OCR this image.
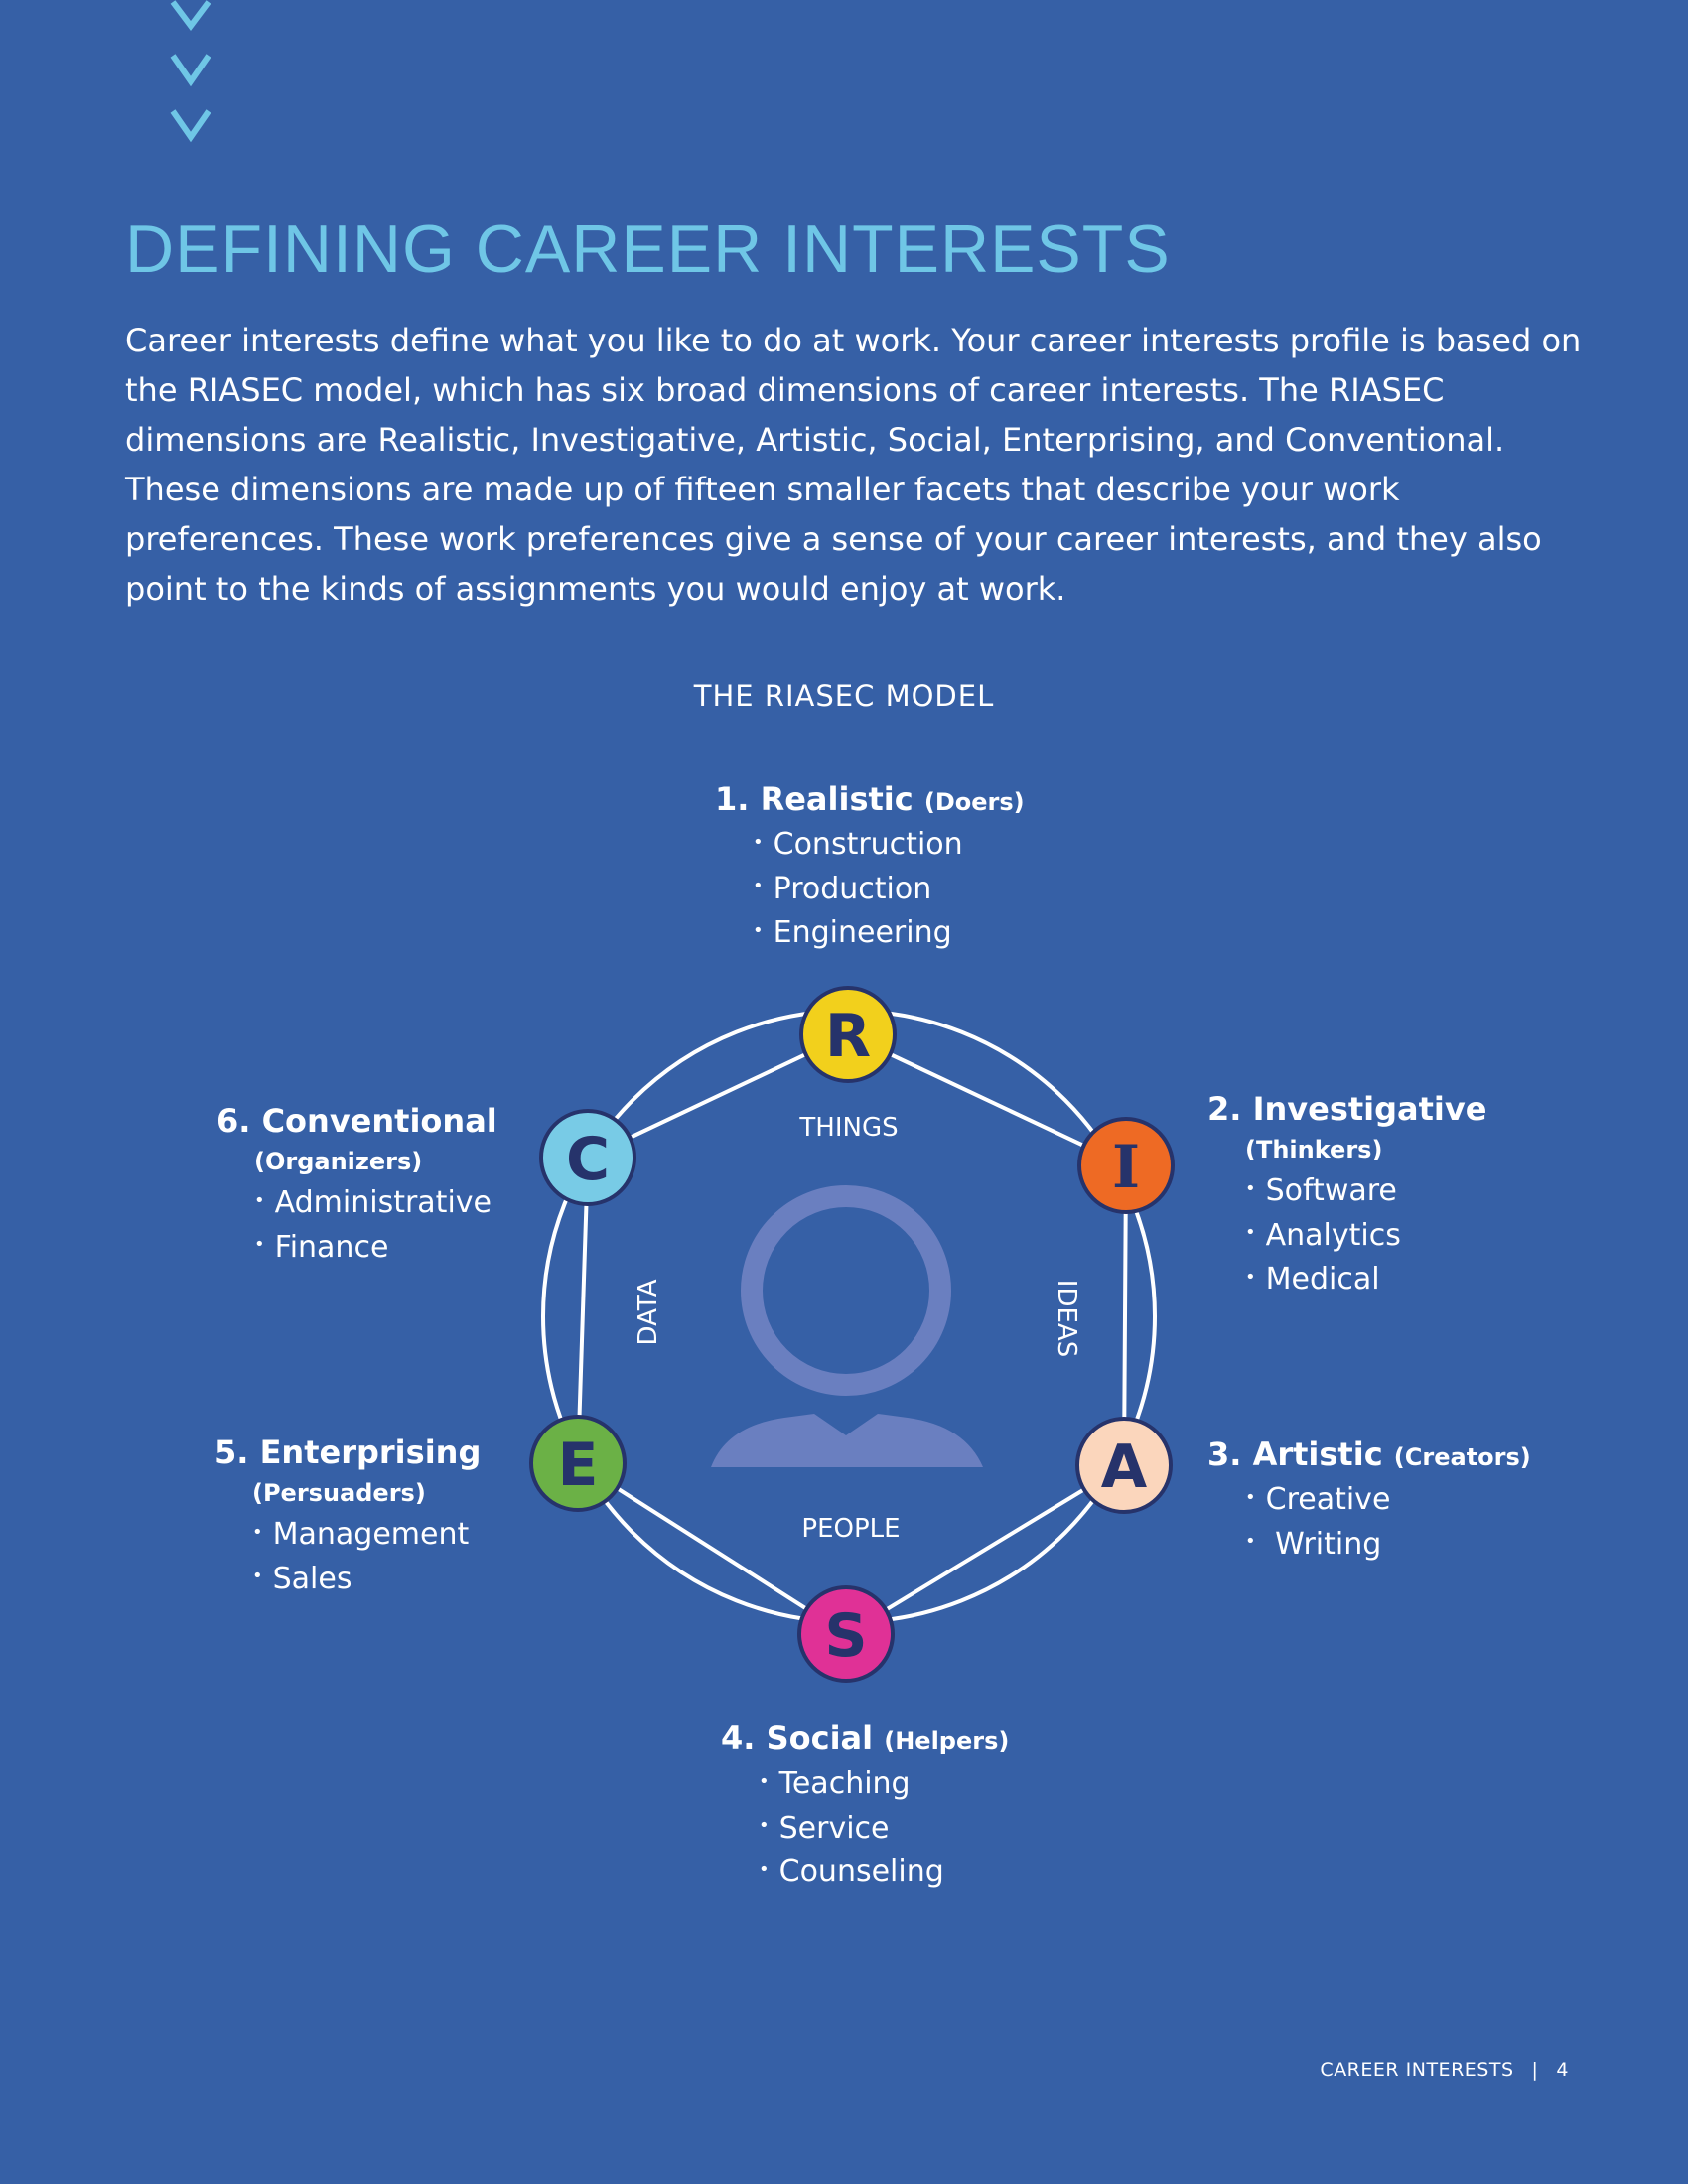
DEFINING CAREER INTERESTS

Career interests define what you like to do at work. Your career interests profile is based on the RIASEC model, which has six broad dimensions of career interests. The RIASEC dimensions are Realistic, Investigative, Artistic, Social, Enterprising, and Conventional. These dimensions are made up of fifteen smaller facets that describe your work preferences. These work preferences give a sense of your career interests, and they also point to the kinds of assignments you would enjoy at work.

THE RIASEC MODEL
THINGS
PEOPLE
DATA	IDEAS
R
I
A
S
E
C
1. Realistic (Doers)
• Construction
• Production
• Engineering
2. Investigative
(Thinkers)
• Software
• Analytics
• Medical
3. Artistic (Creators)
• Creative
•  Writing
4. Social (Helpers)
• Teaching
• Service
• Counseling
5. Enterprising
(Persuaders)
• Management
• Sales
6. Conventional
(Organizers)
• Administrative
• Finance
CAREER INTERESTS | 4
